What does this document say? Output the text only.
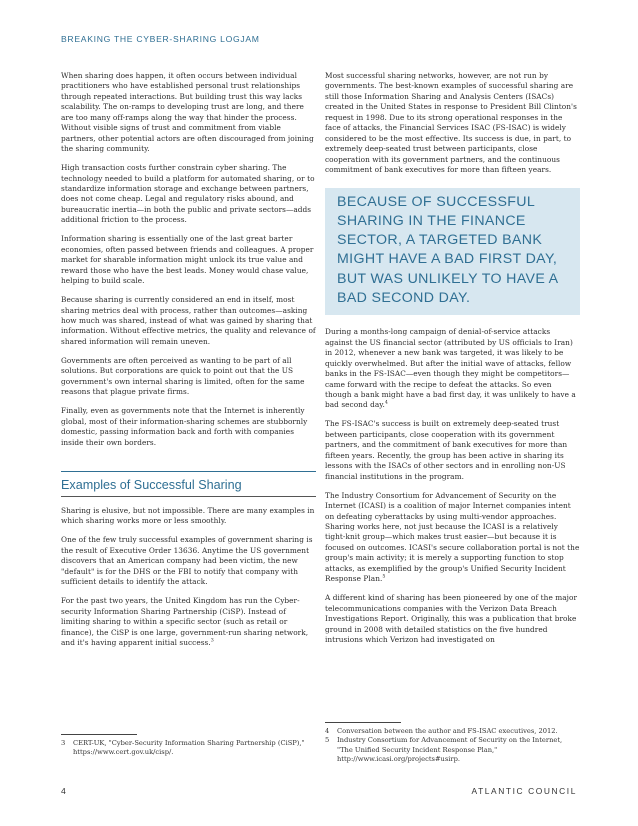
BREAKING THE CYBER-SHARING LOGJAM

When sharing does happen, it often occurs between individual practitioners who have established personal trust relationships through repeated interactions. But building trust this way lacks scalability. The on-ramps to developing trust are long, and there are too many off-ramps along the way that hinder the process. Without visible signs of trust and commitment from viable partners, other potential actors are often discouraged from joining the sharing community.

High transaction costs further constrain cyber sharing. The technology needed to build a platform for automated sharing, or to standardize information storage and exchange between partners, does not come cheap. Legal and regulatory risks abound, and bureaucratic inertia—in both the public and private sectors—adds additional friction to the process.

Information sharing is essentially one of the last great barter economies, often passed between friends and colleagues. A proper market for sharable information might unlock its true value and reward those who have the best leads. Money would chase value, helping to build scale.

Because sharing is currently considered an end in itself, most sharing metrics deal with process, rather than outcomes—asking how much was shared, instead of what was gained by sharing that information. Without effective metrics, the quality and relevance of shared information will remain uneven.

Governments are often perceived as wanting to be part of all solutions. But corporations are quick to point out that the US government's own internal sharing is limited, often for the same reasons that plague private firms.

Finally, even as governments note that the Internet is inherently global, most of their information-sharing schemes are stubbornly domestic, passing information back and forth with companies inside their own borders.

Examples of Successful Sharing

Sharing is elusive, but not impossible. There are many examples in which sharing works more or less smoothly.

One of the few truly successful examples of government sharing is the result of Executive Order 13636. Anytime the US government discovers that an American company had been victim, the new "default" is for the DHS or the FBI to notify that company with sufficient details to identify the attack.

For the past two years, the United Kingdom has run the Cyber-security Information Sharing Partnership (CiSP). Instead of limiting sharing to within a specific sector (such as retail or finance), the CiSP is one large, government-run sharing network, and it's having apparent initial success.$^3$

3	CERT-UK, "Cyber-Security Information Sharing Partnership (CiSP)," https://www.cert.gov.uk/cisp/.

Most successful sharing networks, however, are not run by governments. The best-known examples of successful sharing are still those Information Sharing and Analysis Centers (ISACs) created in the United States in response to President Bill Clinton's request in 1998. Due to its strong operational responses in the face of attacks, the Financial Services ISAC (FS-ISAC) is widely considered to be the most effective. Its success is due, in part, to extremely deep-seated trust between participants, close cooperation with its government partners, and the continuous commitment of bank executives for more than fifteen years.

BECAUSE OF SUCCESSFUL SHARING IN THE FINANCE SECTOR, A TARGETED BANK MIGHT HAVE A BAD FIRST DAY, BUT WAS UNLIKELY TO HAVE A BAD SECOND DAY.

During a months-long campaign of denial-of-service attacks against the US financial sector (attributed by US officials to Iran) in 2012, whenever a new bank was targeted, it was likely to be quickly overwhelmed. But after the initial wave of attacks, fellow banks in the FS-ISAC—even though they might be competitors—came forward with the recipe to defeat the attacks. So even though a bank might have a bad first day, it was unlikely to have a bad second day.$^4$

The FS-ISAC's success is built on extremely deep-seated trust between participants, close cooperation with its government partners, and the commitment of bank executives for more than fifteen years. Recently, the group has been active in sharing its lessons with the ISACs of other sectors and in enrolling non-US financial institutions in the program.

The Industry Consortium for Advancement of Security on the Internet (ICASI) is a coalition of major Internet companies intent on defeating cyberattacks by using multi-vendor approaches. Sharing works here, not just because the ICASI is a relatively tight-knit group—which makes trust easier—but because it is focused on outcomes. ICASI's secure collaboration portal is not the group's main activity; it is merely a supporting function to stop attacks, as exemplified by the group's Unified Security Incident Response Plan.$^5$

A different kind of sharing has been pioneered by one of the major telecommunications companies with the Verizon Data Breach Investigations Report. Originally, this was a publication that broke ground in 2008 with detailed statistics on the five hundred intrusions which Verizon had investigated on

4	Conversation between the author and FS-ISAC executives, 2012.
5	Industry Consortium for Advancement of Security on the Internet, "The Unified Security Incident Response Plan," http://www.icasi.org/projects#usirp.
4	ATLANTIC COUNCIL
